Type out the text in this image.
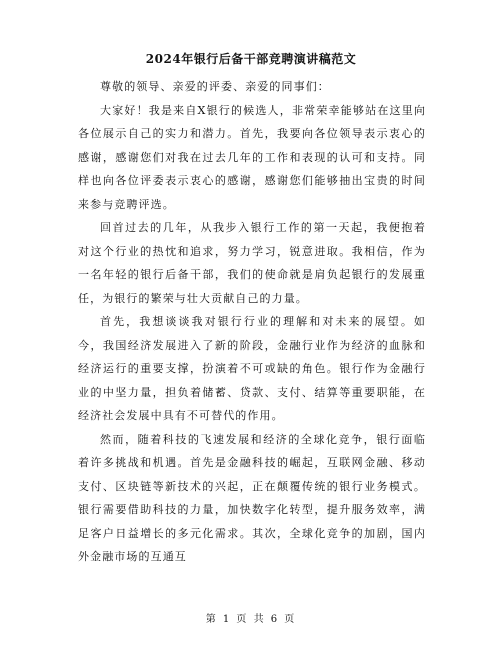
2024年银行后备干部竞聘演讲稿范文

尊敬的领导、亲爱的评委、亲爱的同事们：

大家好！我是来自X银行的候选人，非常荣幸能够站在这里向各位展示自己的实力和潜力。首先，我要向各位领导表示衷心的感谢，感谢您们对我在过去几年的工作和表现的认可和支持。同样也向各位评委表示衷心的感谢，感谢您们能够抽出宝贵的时间来参与竞聘评选。

回首过去的几年，从我步入银行工作的第一天起，我便抱着对这个行业的热忱和追求，努力学习，锐意进取。我相信，作为一名年轻的银行后备干部，我们的使命就是肩负起银行的发展重任，为银行的繁荣与壮大贡献自己的力量。

首先，我想谈谈我对银行行业的理解和对未来的展望。如今，我国经济发展进入了新的阶段，金融行业作为经济的血脉和经济运行的重要支撑，扮演着不可或缺的角色。银行作为金融行业的中坚力量，担负着储蓄、贷款、支付、结算等重要职能，在经济社会发展中具有不可替代的作用。

然而，随着科技的飞速发展和经济的全球化竞争，银行面临着许多挑战和机遇。首先是金融科技的崛起，互联网金融、移动支付、区块链等新技术的兴起，正在颠覆传统的银行业务模式。银行需要借助科技的力量，加快数字化转型，提升服务效率，满足客户日益增长的多元化需求。其次，全球化竞争的加剧，国内外金融市场的互通互

第 1 页 共 6 页
